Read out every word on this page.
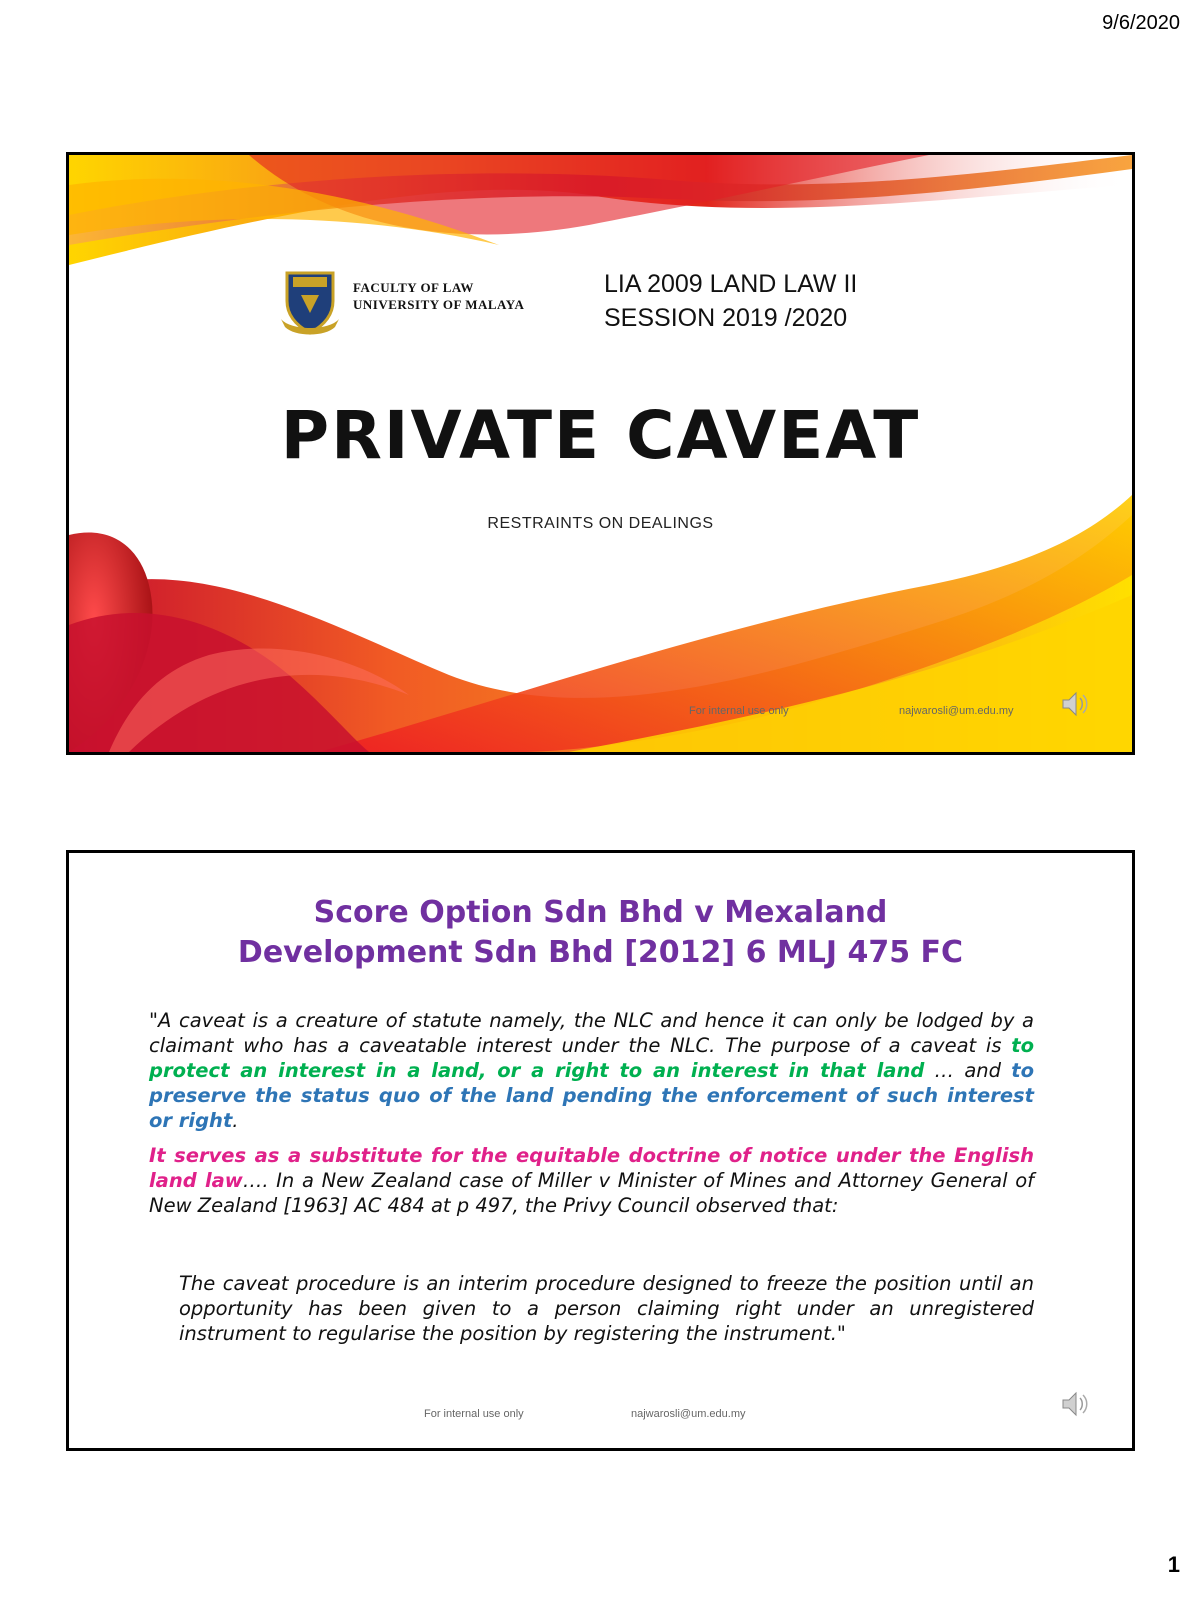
9/6/2020
FACULTY OF LAW
UNIVERSITY OF MALAYA
LIA 2009 LAND LAW II
SESSION 2019 /2020
PRIVATE CAVEAT
RESTRAINTS ON DEALINGS
For internal use only	najwarosli@um.edu.my
Score Option Sdn Bhd v Mexaland
Development Sdn Bhd [2012] 6 MLJ 475 FC

"A caveat is a creature of statute namely, the NLC and hence it can only be lodged by a claimant who has a caveatable interest under the NLC. The purpose of a caveat is to protect an interest in a land, or a right to an interest in that land … and to preserve the status quo of the land pending the enforcement of such interest or right.

It serves as a substitute for the equitable doctrine of notice under the English land law…. In a New Zealand case of Miller v Minister of Mines and Attorney General of New Zealand [1963] AC 484 at p 497, the Privy Council observed that:

The caveat procedure is an interim procedure designed to freeze the position until an opportunity has been given to a person claiming right under an unregistered instrument to regularise the position by registering the instrument."
For internal use only	najwarosli@um.edu.my
1
